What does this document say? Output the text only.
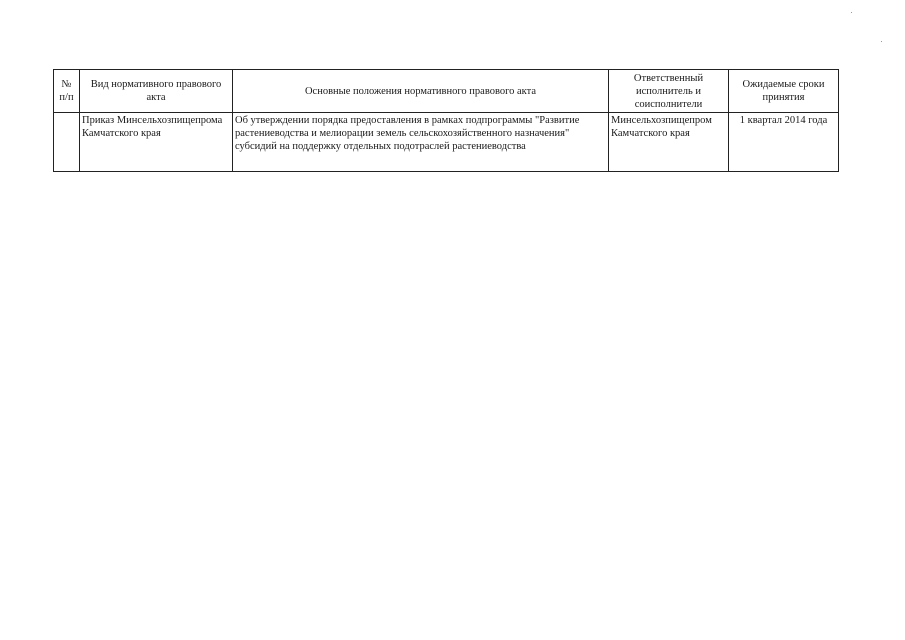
№ п/п	Вид нормативного правового акта	Основные положения нормативного правового акта	Ответственный исполнитель и соисполнители	Ожидаемые сроки принятия
	Приказ Минсельхозпищепрома Камчатского края	Об утверждении порядка предоставления в рамках подпрограммы "Развитие растениеводства и мелиорации земель сельскохозяйственного назначения" субсидий на поддержку отдельных подотраслей растениеводства	Минсельхозпищепром Камчатского края	1 квартал 2014 года
